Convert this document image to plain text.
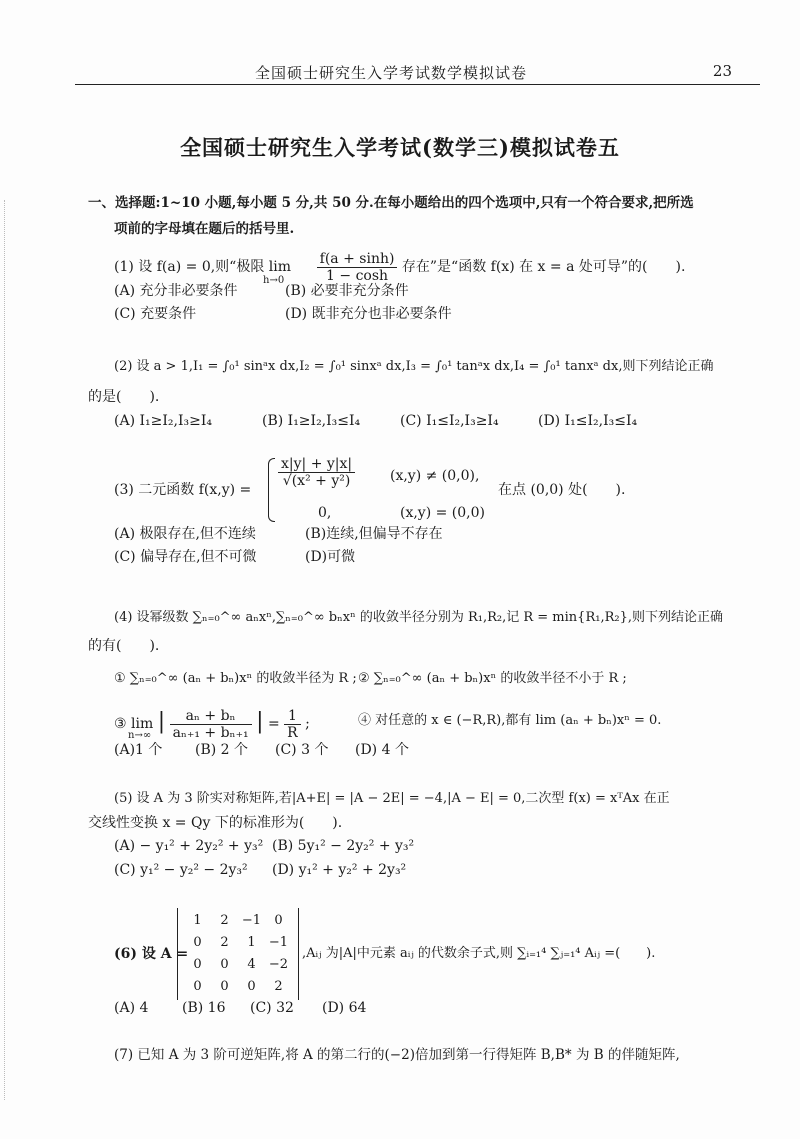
全国硕士研究生入学考试数学模拟试卷	23
全国硕士研究生入学考试(数学三)模拟试卷五
一、选择题:1~10 小题,每小题 5 分,共 50 分.在每小题给出的四个选项中,只有一个符合要求,把所选
项前的字母填在题后的括号里.
(1) 设 f(a) = 0,则“极限 $\lim_{h\to 0} \frac{f(a + \sinh)}{1 - \cosh}$ 存在”是“函数 f(x) 在 x = a 处可导”的(　　).
(A) 充分非必要条件	(B) 必要非充分条件
(C) 充要条件	(D) 既非充分也非必要条件
(2) 设 a > 1,I₁ = ∫₀¹ sinᵃx dx,I₂ = ∫₀¹ sinxᵃ dx,I₃ = ∫₀¹ tanᵃx dx,I₄ = ∫₀¹ tanxᵃ dx,则下列结论正确
的是(　　).
(A) I₁≥I₂,I₃≥I₄	(B) I₁≥I₂,I₃≤I₄	(C) I₁≤I₂,I₃≥I₄	(D) I₁≤I₂,I₃≤I₄
(3) 二元函数 f(x,y) =
$\frac{x|y| + y|x|}{\text{√(x² + y²)}} (x,y) \ne (0,0)$,
0,	(x,y) = (0,0)
在点 (0,0) 处(　　).
(A) 极限存在,但不连续	(B)连续,但偏导不存在
(C) 偏导存在,但不可微	(D)可微
(4) 设幂级数 ∑ₙ₌₀^∞ aₙxⁿ,∑ₙ₌₀^∞ bₙxⁿ 的收敛半径分别为 R₁,R₂,记 R = min{R₁,R₂},则下列结论正确
的有(　　).
① ∑ₙ₌₀^∞ (aₙ + bₙ)xⁿ 的收敛半径为 R ; ② ∑ₙ₌₀^∞ (aₙ + bₙ)xⁿ 的收敛半径不小于 R ;
③ lim | $\frac{\text{aₙ + bₙ}}{\text{aₙ₊₁ + bₙ₊₁}}$ | = $\frac{1}{R}$ ;
n→∞
④ 对任意的 x ∈ (−R,R),都有 lim (aₙ + bₙ)xⁿ = 0.
(A)1 个 (B) 2 个 (C) 3 个 (D) 4 个
(5) 设 A 为 3 阶实对称矩阵,若|A+E| = |A − 2E| = −4,|A − E| = 0,二次型 f(x) = xᵀAx 在正
交线性变换 x = Qy 下的标准形为(　　).
(A) − y₁² + 2y₂² + y₃² (B) 5y₁² − 2y₂² + y₃²
(C) y₁² − y₂² − 2y₃² (D) y₁² + y₂² + 2y₃²
(6) 设 A =
1	2	−1	0
0	2	1	−1
0	0	4	−2
0	0	0	2
,Aᵢⱼ 为|A|中元素 aᵢⱼ 的代数余子式,则 ∑ᵢ₌₁⁴ ∑ⱼ₌₁⁴ Aᵢⱼ =(　　).
(A) 4 (B) 16 (C) 32 (D) 64
(7) 已知 A 为 3 阶可逆矩阵,将 A 的第二行的(−2)倍加到第一行得矩阵 B,B* 为 B 的伴随矩阵,
